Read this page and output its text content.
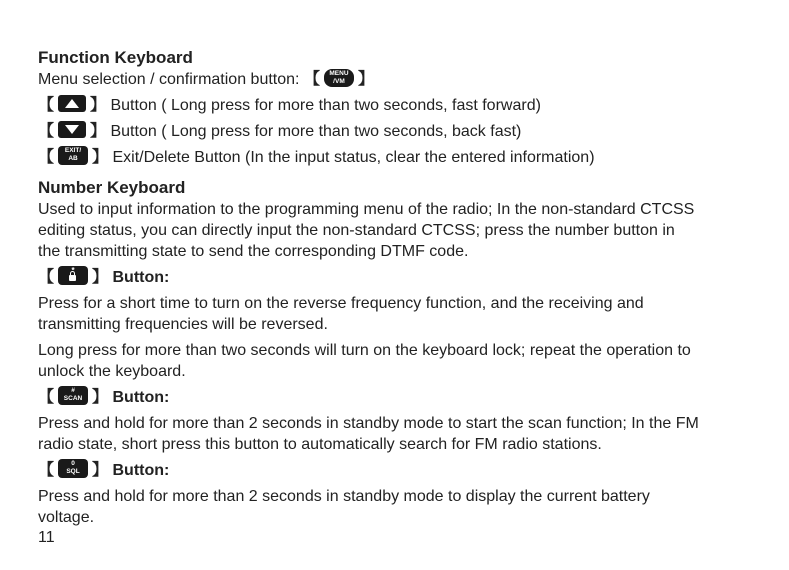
Function Keyboard

Menu selection / confirmation button: 【	MENU
/VM 】

【 】 Button ( Long press for more than two seconds, fast forward)

【 】 Button ( Long press for more than two seconds, back fast)

【	EXIT/
AB 】 Exit/Delete Button (In the input status, clear the entered information)

Number Keyboard

Used to input information to the programming menu of the radio; In the non-standard CTCSS

editing status, you can directly input the non-standard CTCSS; press the number button in

the transmitting state to send the corresponding DTMF code.

【 】 Button:

Press for a short time to turn on the reverse frequency function, and the receiving and

transmitting frequencies will be reversed.

Long press for more than two seconds will turn on the keyboard lock; repeat the operation to

unlock the keyboard.

【	#
SCAN 】 Button:

Press and hold for more than 2 seconds in standby mode to start the scan function; In the FM

radio state, short press this button to automatically search for FM radio stations.

【	0
SQL 】 Button:

Press and hold for more than 2 seconds in standby mode to display the current battery

voltage.

11
